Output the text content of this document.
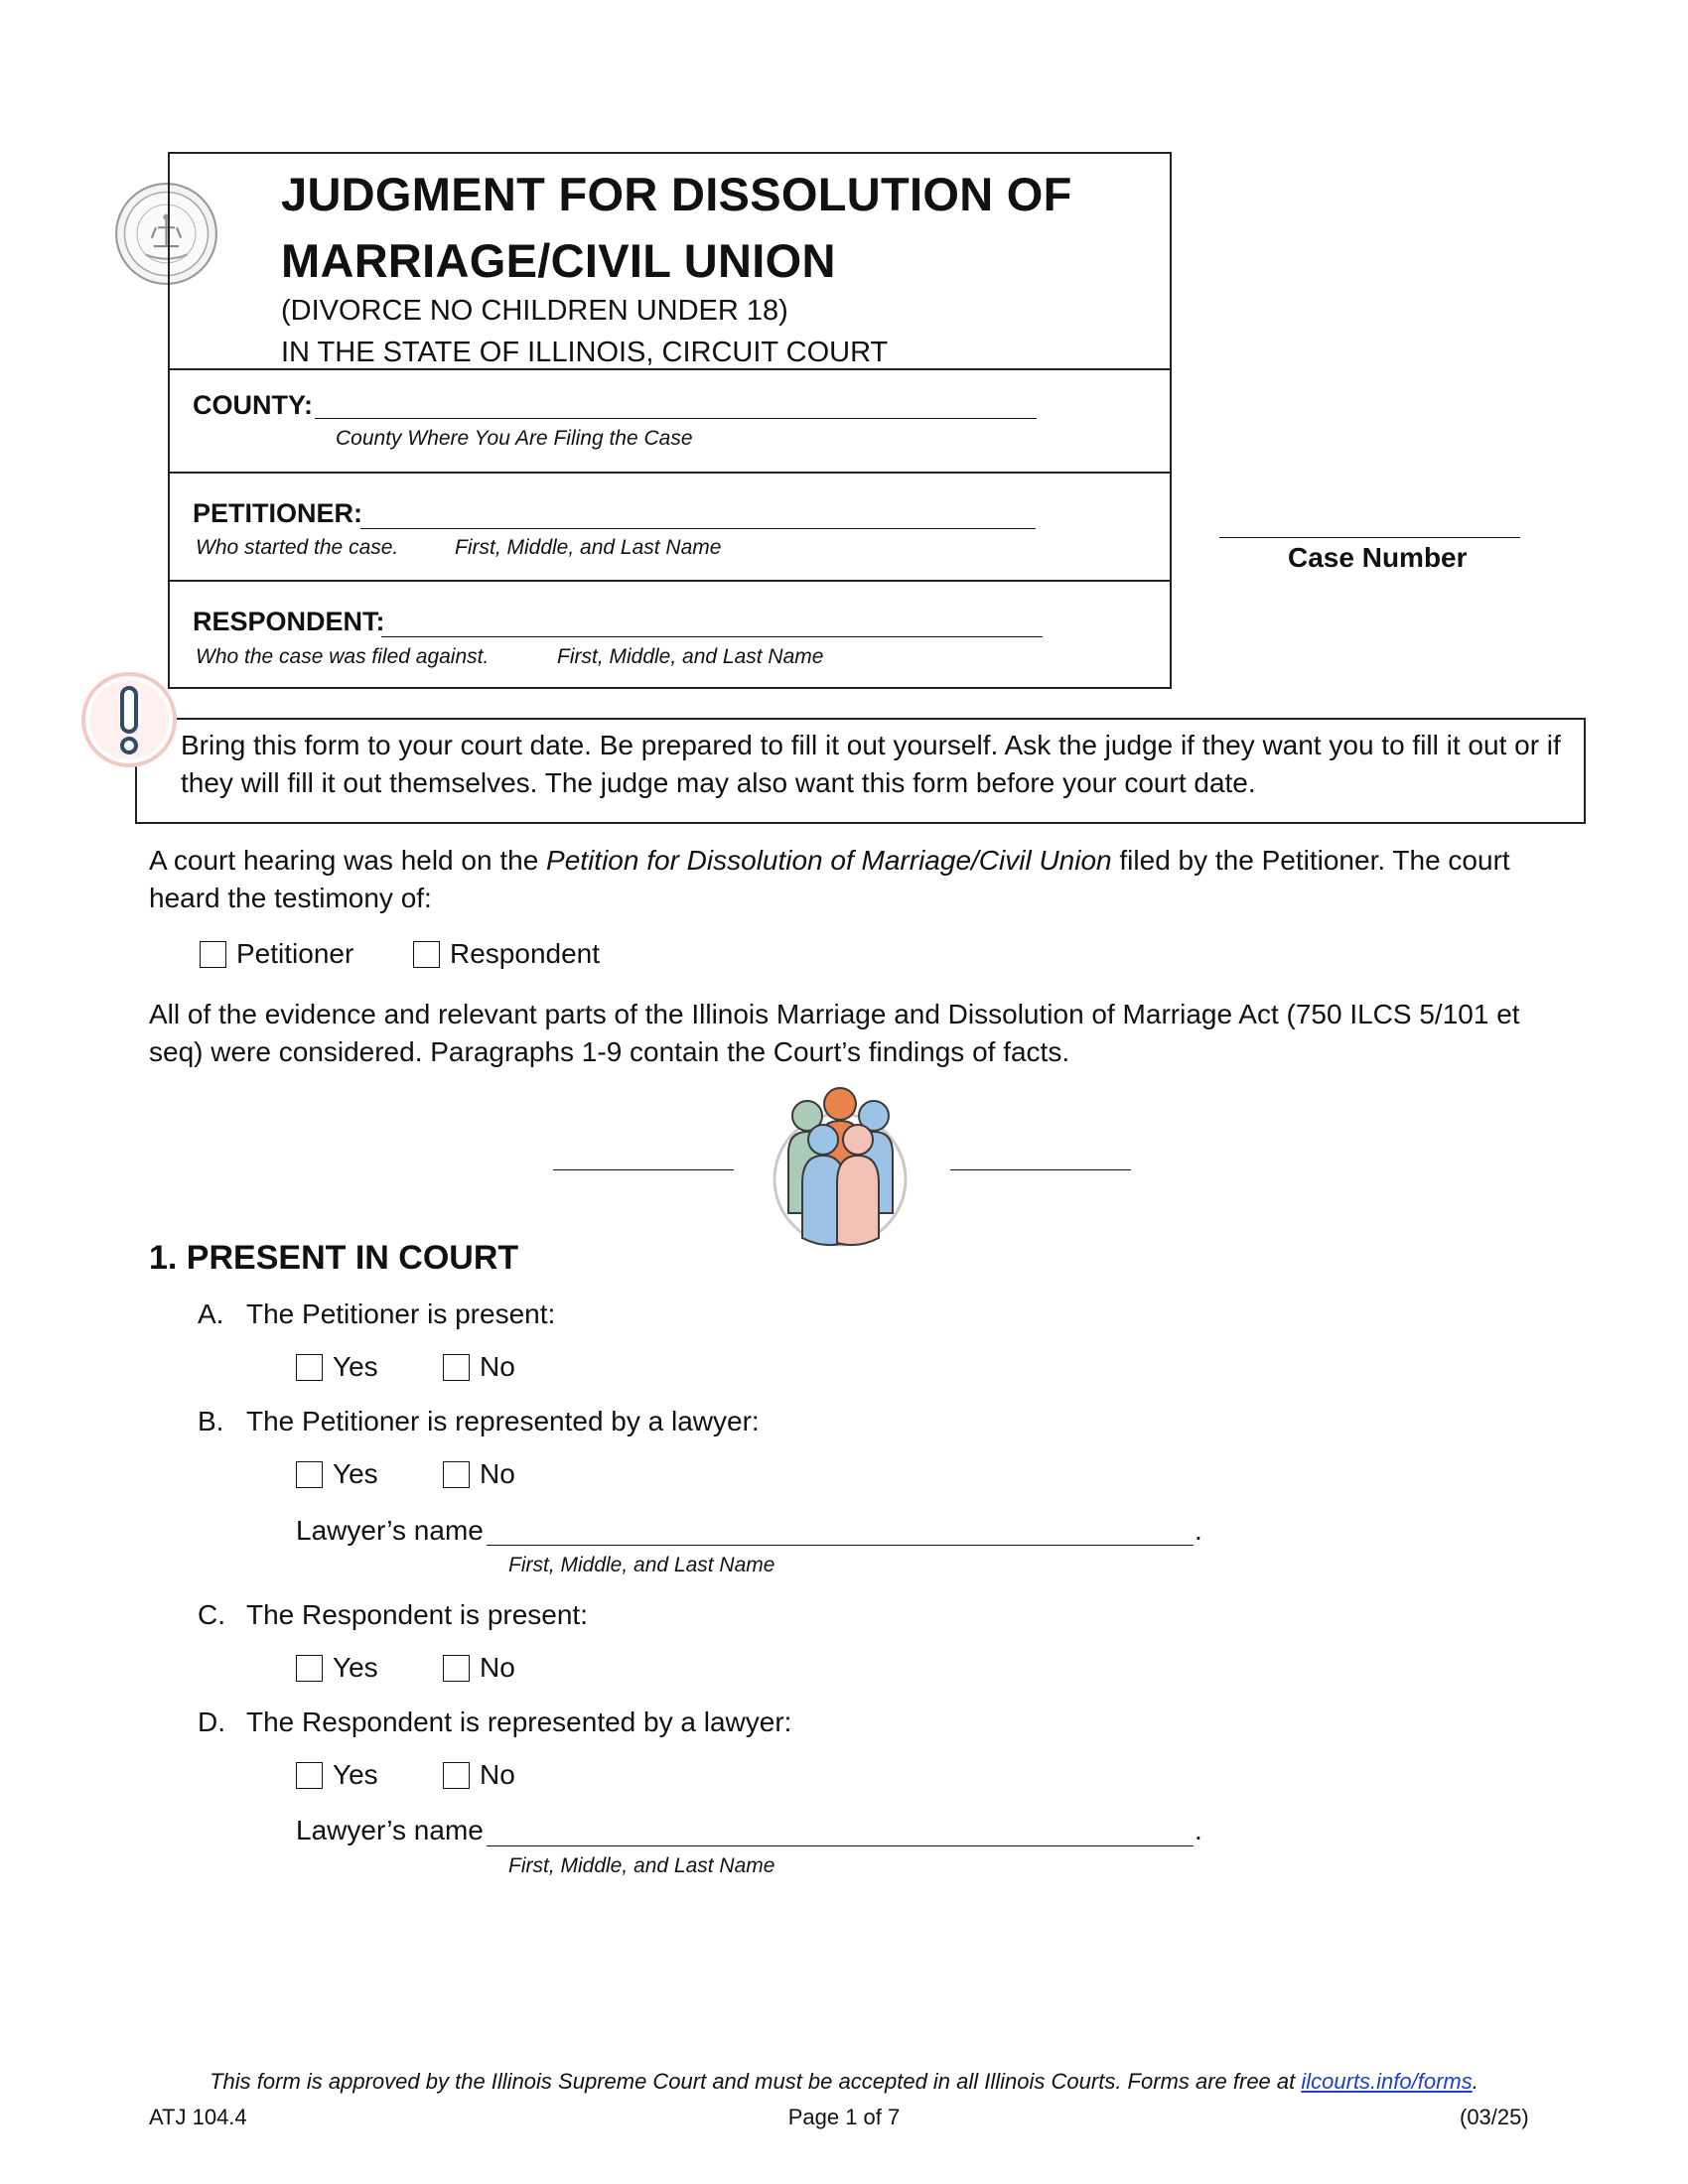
JUDGMENT FOR DISSOLUTION OF
MARRIAGE/CIVIL UNION
(DIVORCE NO CHILDREN UNDER 18)
IN THE STATE OF ILLINOIS, CIRCUIT COURT
COUNTY:
County Where You Are Filing the Case
PETITIONER:
Who started the case.	First, Middle, and Last Name
RESPONDENT:
Who the case was filed against.	First, Middle, and Last Name
Case Number
Bring this form to your court date. Be prepared to fill it out yourself. Ask the judge if they want you to fill it out or if they will fill it out themselves. The judge may also want this form before your court date.
A court hearing was held on the Petition for Dissolution of Marriage/Civil Union filed by the Petitioner. The court heard the testimony of:
Petitioner	Respondent
All of the evidence and relevant parts of the Illinois Marriage and Dissolution of Marriage Act (750 ILCS 5/101 et seq) were considered. Paragraphs 1-9 contain the Court’s findings of facts.
1. PRESENT IN COURT
A. The Petitioner is present:
Yes	No
B. The Petitioner is represented by a lawyer:
Yes	No
Lawyer’s name	.
First, Middle, and Last Name
C. The Respondent is present:
Yes	No
D. The Respondent is represented by a lawyer:
Yes	No
Lawyer’s name	.
First, Middle, and Last Name
This form is approved by the Illinois Supreme Court and must be accepted in all Illinois Courts. Forms are free at ilcourts.info/forms.
ATJ 104.4	Page 1 of 7	(03/25)
